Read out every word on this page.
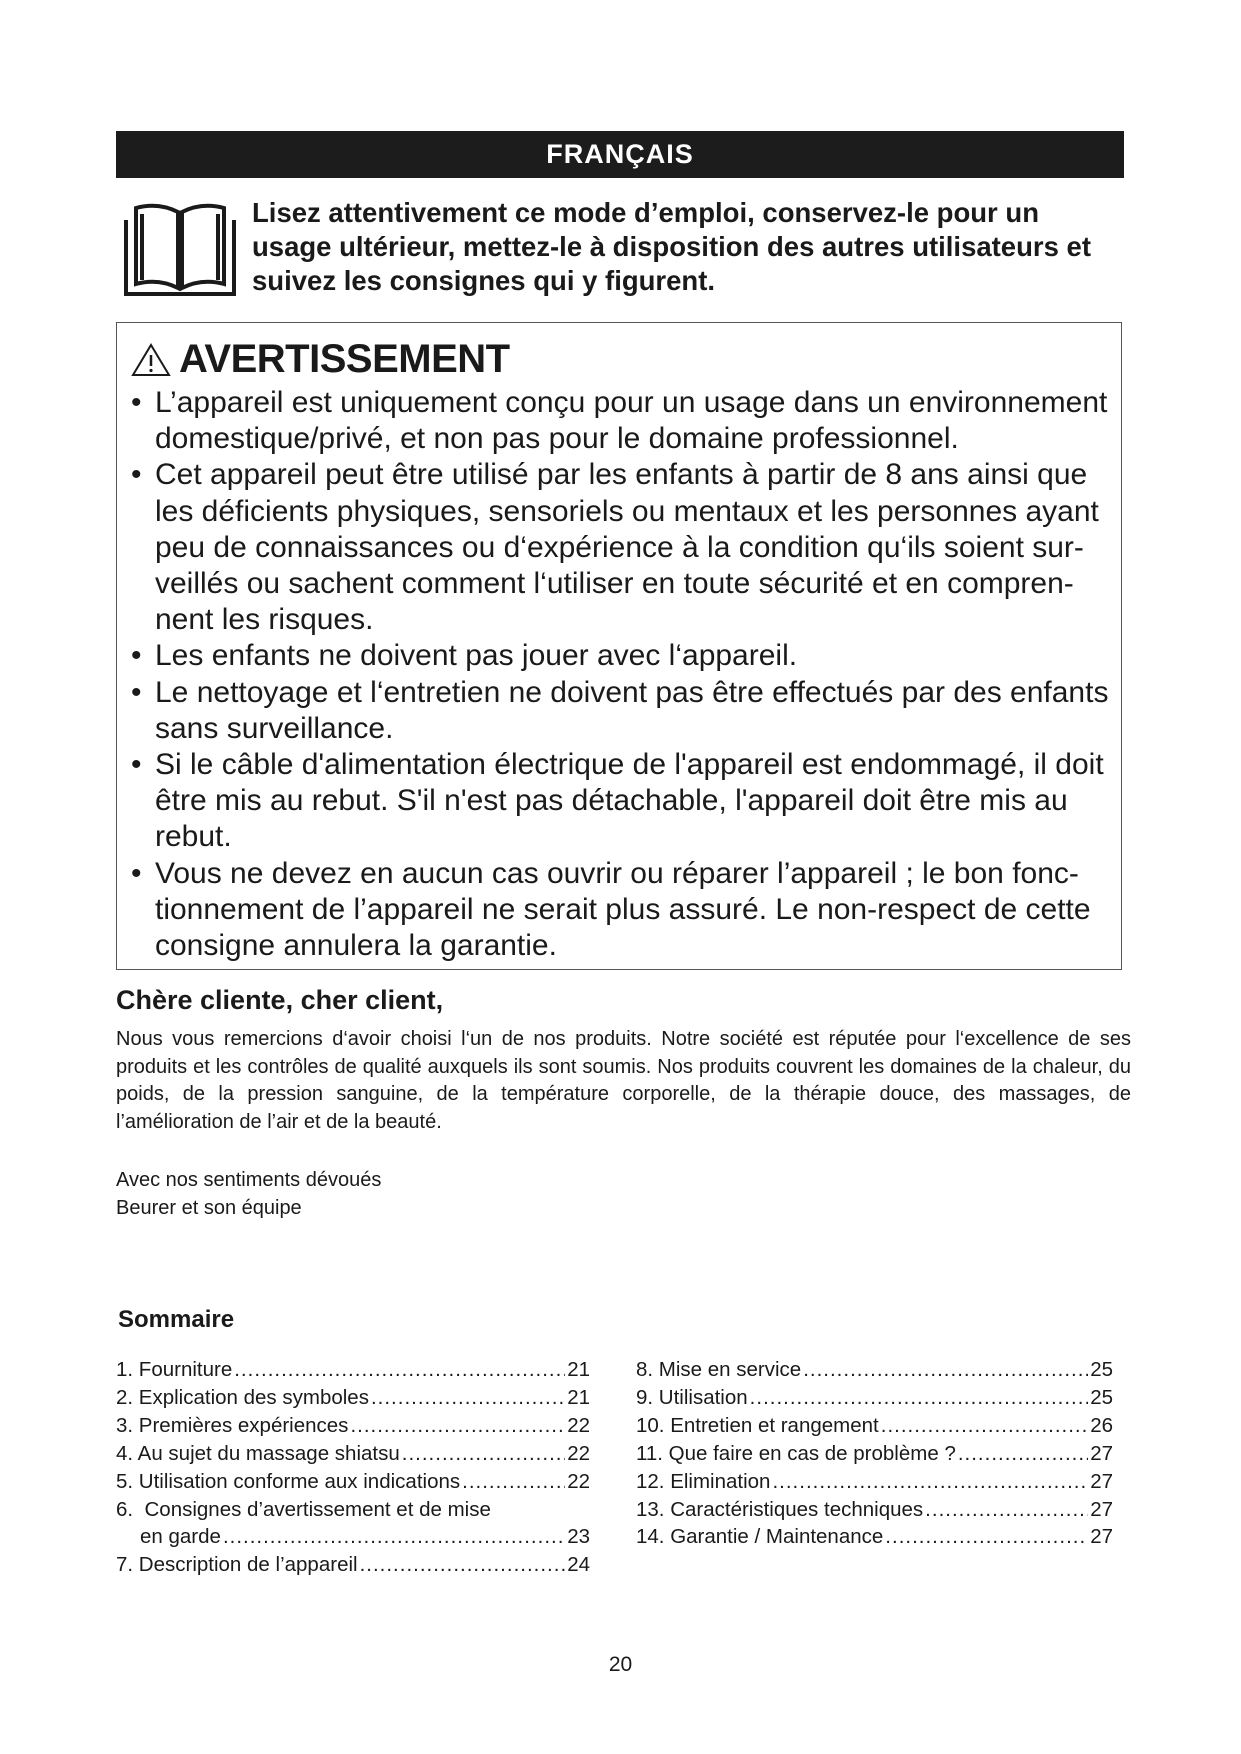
FRANÇAIS
Lisez attentivement ce mode d’emploi, conservez-le pour un usage ultérieur, mettez-le à disposition des autres utilisateurs et suivez les consignes qui y figurent.
AVERTISSEMENT
• L’appareil est uniquement conçu pour un usage dans un environnement domestique/privé, et non pas pour le domaine professionnel.
• Cet appareil peut être utilisé par les enfants à partir de 8 ans ainsi que les déficients physiques, sensoriels ou mentaux et les personnes ayant peu de connaissances ou d‘expérience à la condition qu‘ils soient sur-veillés ou sachent comment l‘utiliser en toute sécurité et en compren-nent les risques.
• Les enfants ne doivent pas jouer avec l‘appareil.
• Le nettoyage et l‘entretien ne doivent pas être effectués par des enfants sans surveillance.
• Si le câble d'alimentation électrique de l'appareil est endommagé, il doit être mis au rebut. S'il n'est pas détachable, l'appareil doit être mis au rebut.
• Vous ne devez en aucun cas ouvrir ou réparer l’appareil ; le bon fonc-tionnement de l’appareil ne serait plus assuré. Le non-respect de cette consigne annulera la garantie.
Chère cliente, cher client,
Nous vous remercions d‘avoir choisi l‘un de nos produits. Notre société est réputée pour l‘excellence de ses produits et les contrôles de qualité auxquels ils sont soumis. Nos produits couvrent les domaines de la chaleur, du poids, de la pression sanguine, de la température corporelle, de la thérapie douce, des massages, de l’amélioration de l’air et de la beauté.
Avec nos sentiments dévoués
Beurer et son équipe
Sommaire
1. Fourniture .....	21
2. Explication des symboles .....	21
3. Premières expériences .....	22
4. Au sujet du massage shiatsu .....	22
5. Utilisation conforme aux indications .....	22
6.  Consignes d’avertissement et de mise
en garde .....	23
7. Description de l’appareil .....	24
8. Mise en service .....	25
9. Utilisation .....	25
10. Entretien et rangement .....	26
11. Que faire en cas de problème ? .....	27
12. Elimination .....	27
13. Caractéristiques techniques .....	27
14. Garantie / Maintenance .....	27
20
